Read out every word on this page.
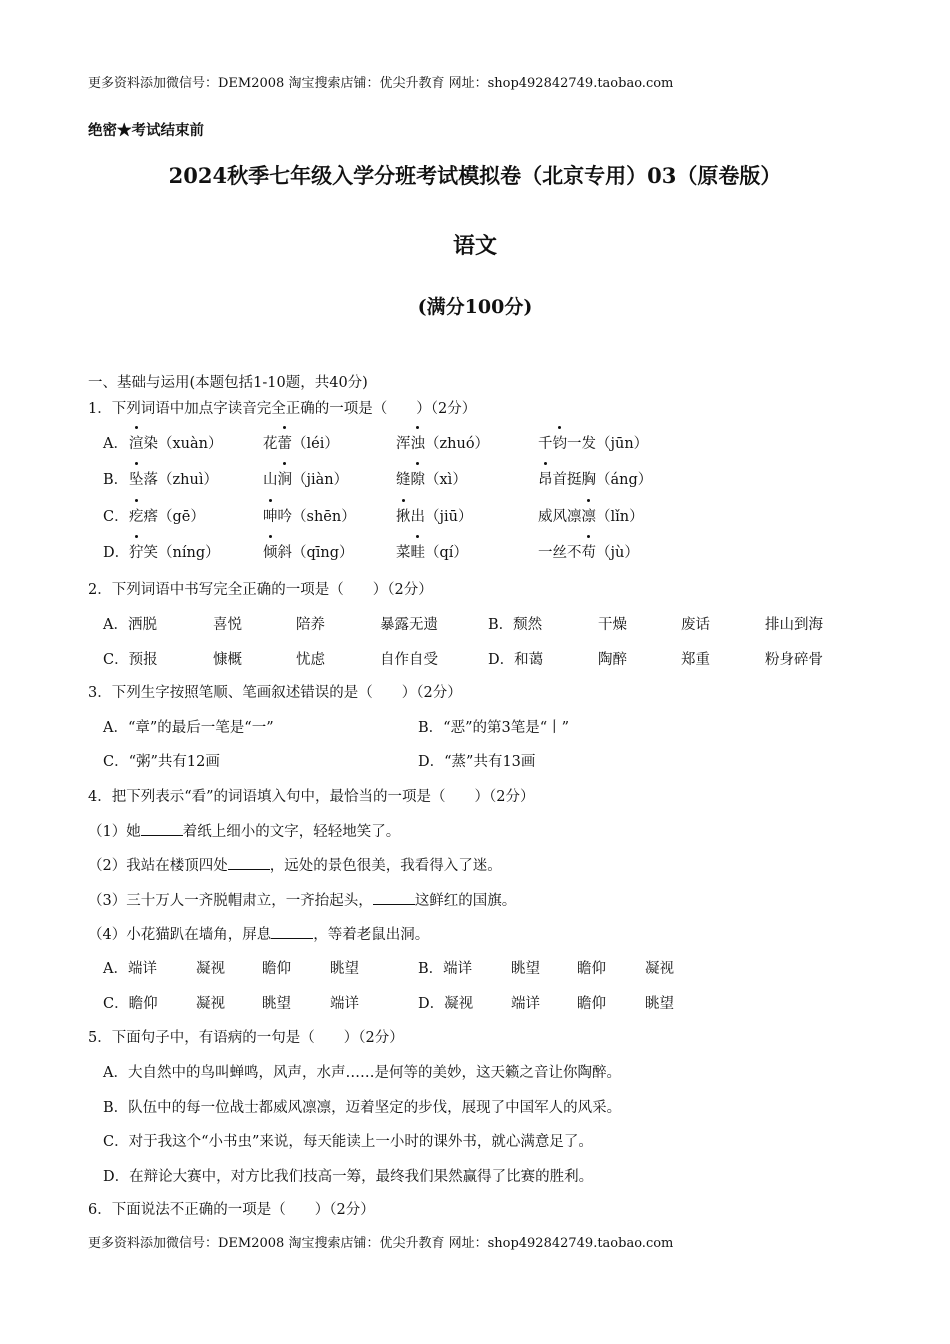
更多资料添加微信号：DEM2008 淘宝搜索店铺：优尖升教育 网址：shop492842749.taobao.com
绝密★考试结束前
2024秋季七年级入学分班考试模拟卷（北京专用）03（原卷版）
语文
(满分100分)
一、基础与运用(本题包括1-10题，共40分)
1．下列词语中加点字读音完全正确的一项是（　　）（2分）
A． 渲染（xuàn）	花蕾（léi）	浑浊（zhuó）	千钧一发（jūn）
B． 坠落（zhuì）	山涧（jiàn）	缝隙（xì）	昂首挺胸（áng）
C． 疙瘩（gē）	呻吟（shēn）	揪出（jiū）	威风凛凛（lǐn）
D． 狞笑（níng）	倾斜（qīng）	菜畦（qí）	一丝不苟（jù）
2．下列词语中书写完全正确的一项是（　　）（2分）
A．洒脱	喜悦	陪养	暴露无遗	B．颓然	干燥	废话	排山到海
C．预报	慷概	忧虑	自作自受	D．和蔼	陶醉	郑重	粉身碎骨
3．下列生字按照笔顺、笔画叙述错误的是（　　）（2分）
A．“章”的最后一笔是“一”	B．“恶”的第3笔是“丨”
C．“粥”共有12画	D．“蒸”共有13画
4．把下列表示“看”的词语填入句中，最恰当的一项是（　　）（2分）
（1）她	着纸上细小的文字，轻轻地笑了。
（2）我站在楼顶四处	，远处的景色很美，我看得入了迷。
（3）三十万人一齐脱帽肃立，一齐抬起头，	这鲜红的国旗。
（4）小花猫趴在墙角，屏息	，等着老鼠出洞。
A．端详	凝视	瞻仰	眺望	B．端详	眺望	瞻仰	凝视
C．瞻仰	凝视	眺望	端详	D．凝视	端详	瞻仰	眺望
5．下面句子中，有语病的一句是（　　）（2分）
A．大自然中的鸟叫蝉鸣，风声，水声……是何等的美妙，这天籁之音让你陶醉。
B．队伍中的每一位战士都威风凛凛，迈着坚定的步伐，展现了中国军人的风采。
C．对于我这个“小书虫”来说，每天能读上一小时的课外书，就心满意足了。
D．在辩论大赛中，对方比我们技高一筹，最终我们果然赢得了比赛的胜利。
6．下面说法不正确的一项是（　　）（2分）
更多资料添加微信号：DEM2008 淘宝搜索店铺：优尖升教育 网址：shop492842749.taobao.com
